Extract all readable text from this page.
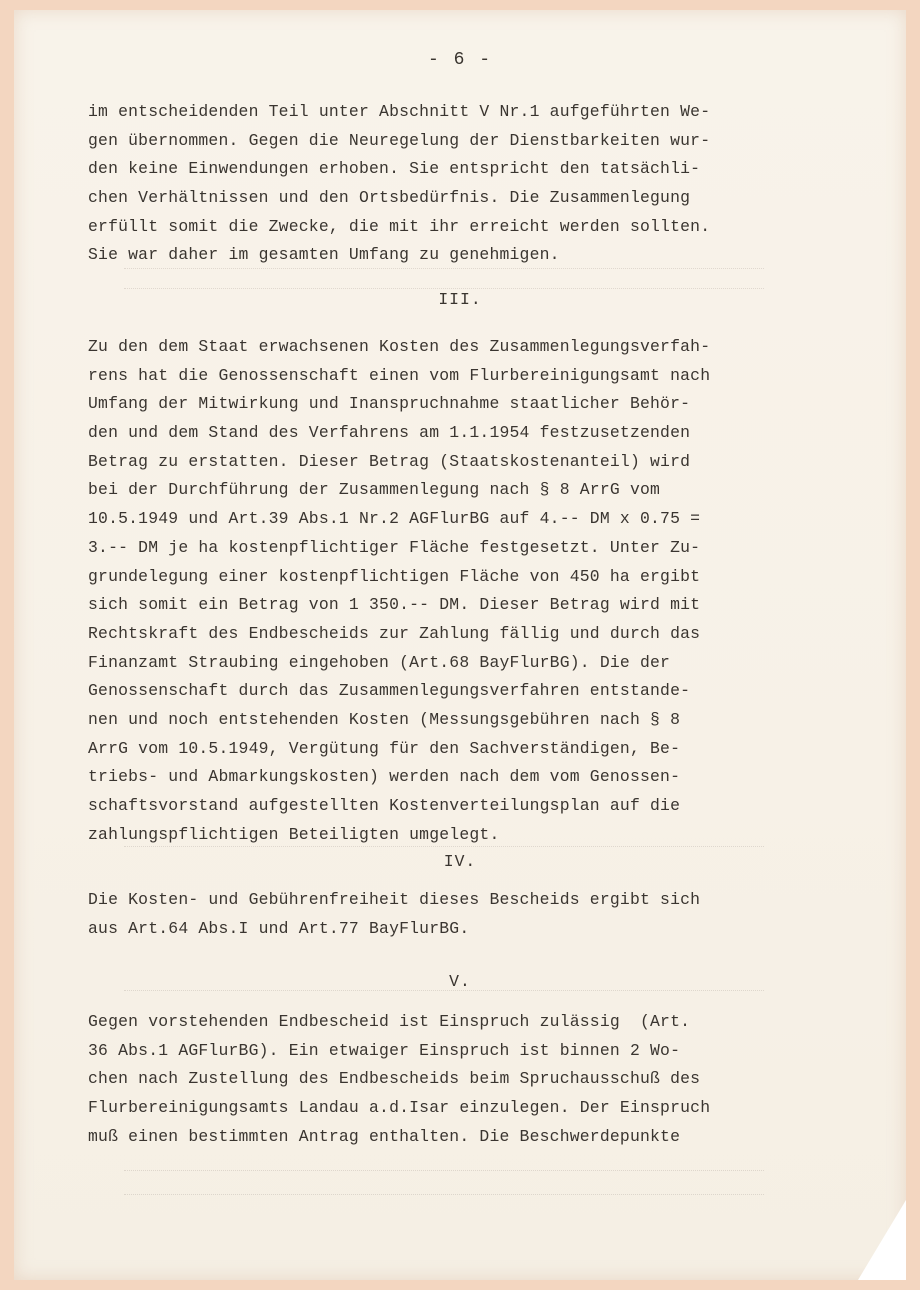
- 6 -
im entscheidenden Teil unter Abschnitt V Nr.1 aufgeführten We-
gen übernommen. Gegen die Neuregelung der Dienstbarkeiten wur-
den keine Einwendungen erhoben. Sie entspricht den tatsächli-
chen Verhältnissen und den Ortsbedürfnis. Die Zusammenlegung
erfüllt somit die Zwecke, die mit ihr erreicht werden sollten.
Sie war daher im gesamten Umfang zu genehmigen.
III.
Zu den dem Staat erwachsenen Kosten des Zusammenlegungsverfah-
rens hat die Genossenschaft einen vom Flurbereinigungsamt nach
Umfang der Mitwirkung und Inanspruchnahme staatlicher Behör-
den und dem Stand des Verfahrens am 1.1.1954 festzusetzenden
Betrag zu erstatten. Dieser Betrag (Staatskostenanteil) wird
bei der Durchführung der Zusammenlegung nach § 8 ArrG vom
10.5.1949 und Art.39 Abs.1 Nr.2 AGFlurBG auf 4.-- DM x 0.75 =
3.-- DM je ha kostenpflichtiger Fläche festgesetzt. Unter Zu-
grundelegung einer kostenpflichtigen Fläche von 450 ha ergibt
sich somit ein Betrag von 1 350.-- DM. Dieser Betrag wird mit
Rechtskraft des Endbescheids zur Zahlung fällig und durch das
Finanzamt Straubing eingehoben (Art.68 BayFlurBG). Die der
Genossenschaft durch das Zusammenlegungsverfahren entstande-
nen und noch entstehenden Kosten (Messungsgebühren nach § 8
ArrG vom 10.5.1949, Vergütung für den Sachverständigen, Be-
triebs- und Abmarkungskosten) werden nach dem vom Genossen-
schaftsvorstand aufgestellten Kostenverteilungsplan auf die
zahlungspflichtigen Beteiligten umgelegt.
IV.
Die Kosten- und Gebührenfreiheit dieses Bescheids ergibt sich
aus Art.64 Abs.I und Art.77 BayFlurBG.
V.
Gegen vorstehenden Endbescheid ist Einspruch zulässig  (Art.
36 Abs.1 AGFlurBG). Ein etwaiger Einspruch ist binnen 2 Wo-
chen nach Zustellung des Endbescheids beim Spruchausschuß des
Flurbereinigungsamts Landau a.d.Isar einzulegen. Der Einspruch
muß einen bestimmten Antrag enthalten. Die Beschwerdepunkte
